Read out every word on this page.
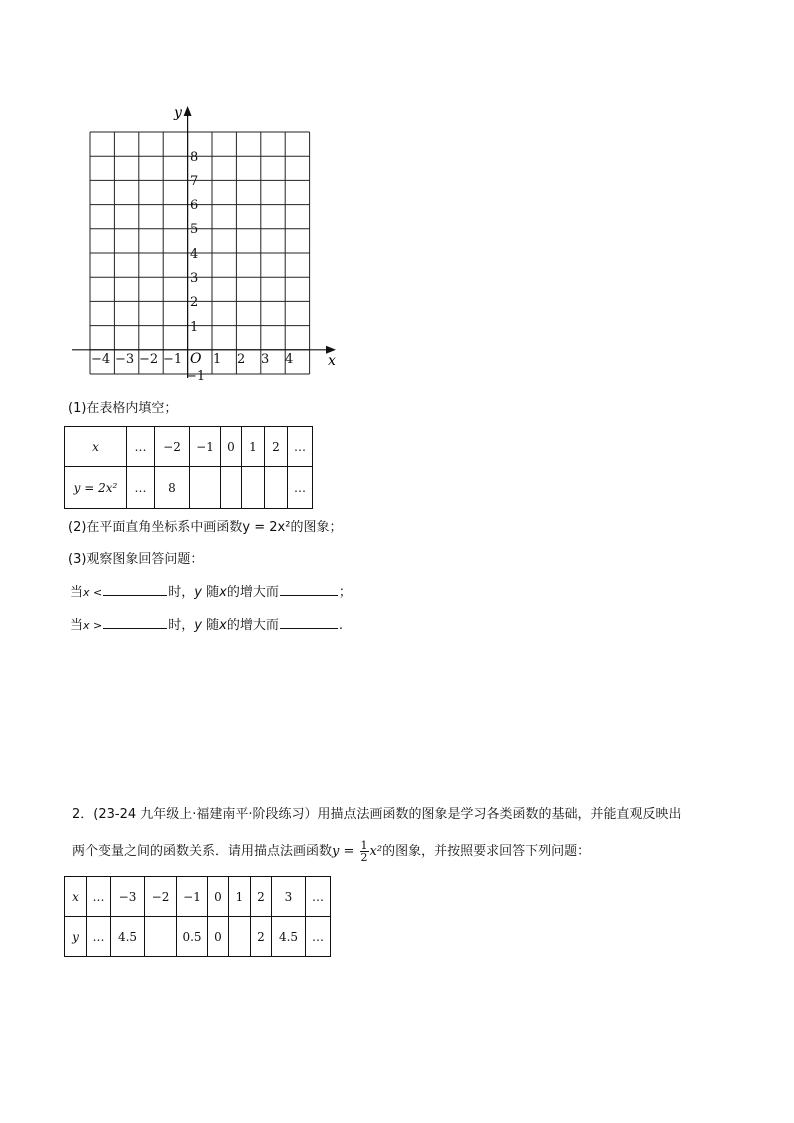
y
x
O
8
7
6
5
4
3
2
1
−1
−4 −3 −2 −1 1 2 3 4
(1)在表格内填空；
x	…	−2	−1	0	1	2	…
y = 2x²	…	8					…
(2)在平面直角坐标系中画函数y = 2x²的图象；
(3)观察图象回答问题：
当x <	时，y 随x的增大而	；
当x >	时，y 随x的增大而	.
2．(23-24 九年级上·福建南平·阶段练习）用描点法画函数的图象是学习各类函数的基础，并能直观反映出
两个变量之间的函数关系．请用描点法画函数$y = \frac{1}{2} x^2$的图象，并按照要求回答下列问题：
x	…	−3	−2	−1	0	1	2	3	…
y	…	4.5		0.5	0		2	4.5	…
